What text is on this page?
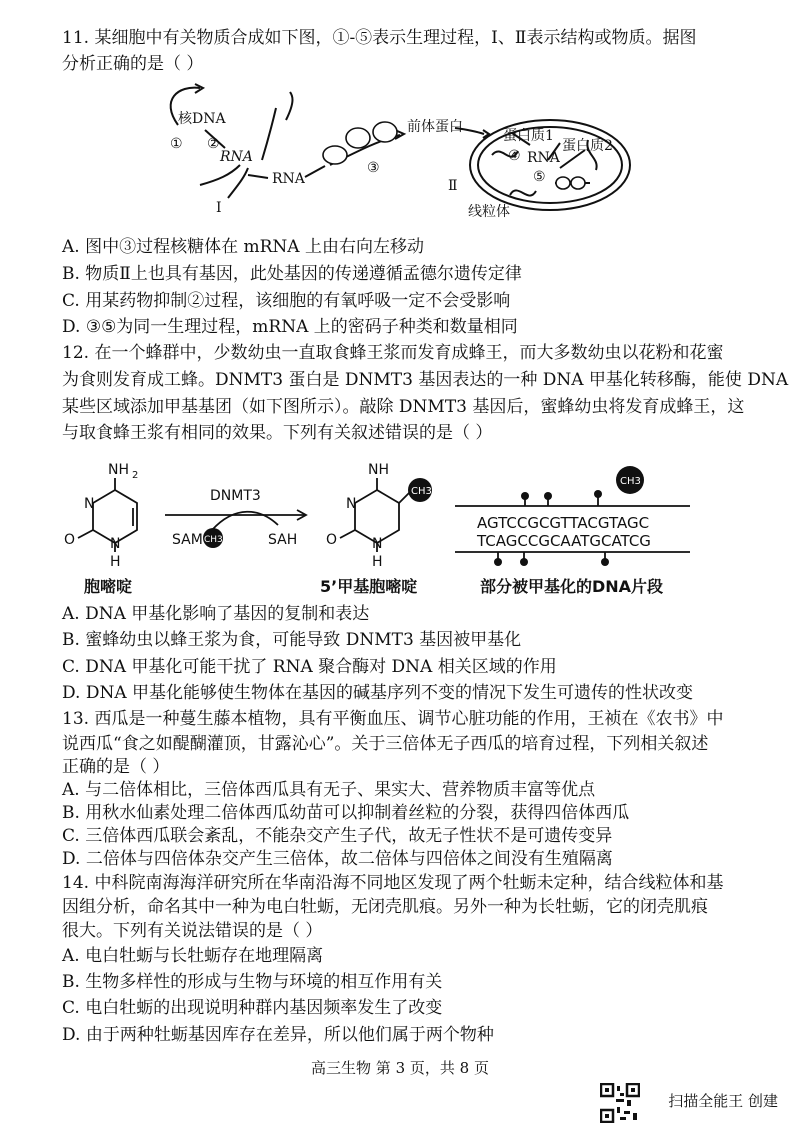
11. 某细胞中有关物质合成如下图，①-⑤表示生理过程，Ⅰ、Ⅱ表示结构或物质。据图
分析正确的是（ ）
核DNA
① ②
RNA
RNA
Ⅰ
③
前体蛋白
蛋白质1
④ RNA
蛋白质2
⑤
Ⅱ
线粒体
A. 图中③过程核糖体在 mRNA 上由右向左移动
B. 物质Ⅱ上也具有基因，此处基因的传递遵循孟德尔遗传定律
C. 用某药物抑制②过程，该细胞的有氧呼吸一定不会受影响
D. ③⑤为同一生理过程，mRNA 上的密码子种类和数量相同
12. 在一个蜂群中，少数幼虫一直取食蜂王浆而发育成蜂王，而大多数幼虫以花粉和花蜜
为食则发育成工蜂。DNMT3 蛋白是 DNMT3 基因表达的一种 DNA 甲基化转移酶，能使 DNA
某些区域添加甲基基团（如下图所示）。敲除 DNMT3 基因后，蜜蜂幼虫将发育成蜂王，这
与取食蜂王浆有相同的效果。下列有关叙述错误的是（ ）
NH 2
N
O N
H
DNMT3
SAM CH3	SAH
NH
N
O N
H
CH3
CH3
AGTCCGCGTTACGTAGC
TCAGCCGCAATGCATCG
胞嘧啶	5’甲基胞嘧啶	部分被甲基化的DNA片段
A. DNA 甲基化影响了基因的复制和表达
B. 蜜蜂幼虫以蜂王浆为食，可能导致 DNMT3 基因被甲基化
C. DNA 甲基化可能干扰了 RNA 聚合酶对 DNA 相关区域的作用
D. DNA 甲基化能够使生物体在基因的碱基序列不变的情况下发生可遗传的性状改变
13. 西瓜是一种蔓生藤本植物，具有平衡血压、调节心脏功能的作用，王祯在《农书》中
说西瓜“食之如醍醐灌顶，甘露沁心”。关于三倍体无子西瓜的培育过程，下列相关叙述
正确的是（ ）
A. 与二倍体相比，三倍体西瓜具有无子、果实大、营养物质丰富等优点
B. 用秋水仙素处理二倍体西瓜幼苗可以抑制着丝粒的分裂，获得四倍体西瓜
C. 三倍体西瓜联会紊乱，不能杂交产生子代，故无子性状不是可遗传变异
D. 二倍体与四倍体杂交产生三倍体，故二倍体与四倍体之间没有生殖隔离
14. 中科院南海海洋研究所在华南沿海不同地区发现了两个牡蛎未定种，结合线粒体和基
因组分析，命名其中一种为电白牡蛎，无闭壳肌痕。另外一种为长牡蛎，它的闭壳肌痕
很大。下列有关说法错误的是（ ）
A. 电白牡蛎与长牡蛎存在地理隔离
B. 生物多样性的形成与生物与环境的相互作用有关
C. 电白牡蛎的出现说明种群内基因频率发生了改变
D. 由于两种牡蛎基因库存在差异，所以他们属于两个物种
高三生物 第 3 页，共 8 页
扫描全能王 创建
